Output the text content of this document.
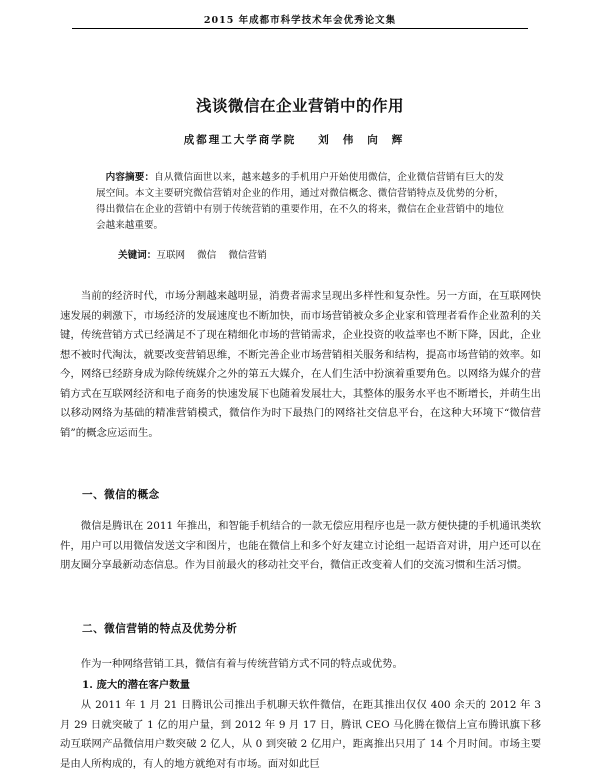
2015 年成都市科学技术年会优秀论文集
浅谈微信在企业营销中的作用
成都理工大学商学院 刘伟向辉

内容摘要：自从微信面世以来，越来越多的手机用户开始使用微信，企业微信营销有巨大的发展空间。本文主要研究微信营销对企业的作用，通过对微信概念、微信营销特点及优势的分析，得出微信在企业的营销中有别于传统营销的重要作用，在不久的将来，微信在企业营销中的地位会越来越重要。

关键词：互联网 微信 微信营销

当前的经济时代，市场分割越来越明显，消费者需求呈现出多样性和复杂性。另一方面，在互联网快速发展的刺激下，市场经济的发展速度也不断加快，而市场营销被众多企业家和管理者看作企业盈利的关键，传统营销方式已经满足不了现在精细化市场的营销需求，企业投资的收益率也不断下降，因此，企业想不被时代淘汰，就要改变营销思维，不断完善企业市场营销相关服务和结构，提高市场营销的效率。如今，网络已经跻身成为除传统媒介之外的第五大媒介，在人们生活中扮演着重要角色。以网络为媒介的营销方式在互联网经济和电子商务的快速发展下也随着发展壮大，其整体的服务水平也不断增长，并萌生出以移动网络为基础的精准营销模式，微信作为时下最热门的网络社交信息平台，在这种大环境下“微信营销”的概念应运而生。

一、微信的概念

微信是腾讯在 2011 年推出，和智能手机结合的一款无偿应用程序也是一款方便快捷的手机通讯类软件，用户可以用微信发送文字和图片，也能在微信上和多个好友建立讨论组一起语音对讲，用户还可以在朋友圈分享最新动态信息。作为目前最火的移动社交平台，微信正改变着人们的交流习惯和生活习惯。

二、微信营销的特点及优势分析

作为一种网络营销工具，微信有着与传统营销方式不同的特点或优势。

1. 庞大的潜在客户数量

从 2011 年 1 月 21 日腾讯公司推出手机聊天软件微信，在距其推出仅仅 400 余天的 2012 年 3 月 29 日就突破了 1 亿的用户量，到 2012 年 9 月 17 日，腾讯 CEO 马化腾在微信上宣布腾讯旗下移动互联网产品微信用户数突破 2 亿人，从 0 到突破 2 亿用户，距离推出只用了 14 个月时间。市场主要是由人所构成的，有人的地方就绝对有市场。面对如此巨
